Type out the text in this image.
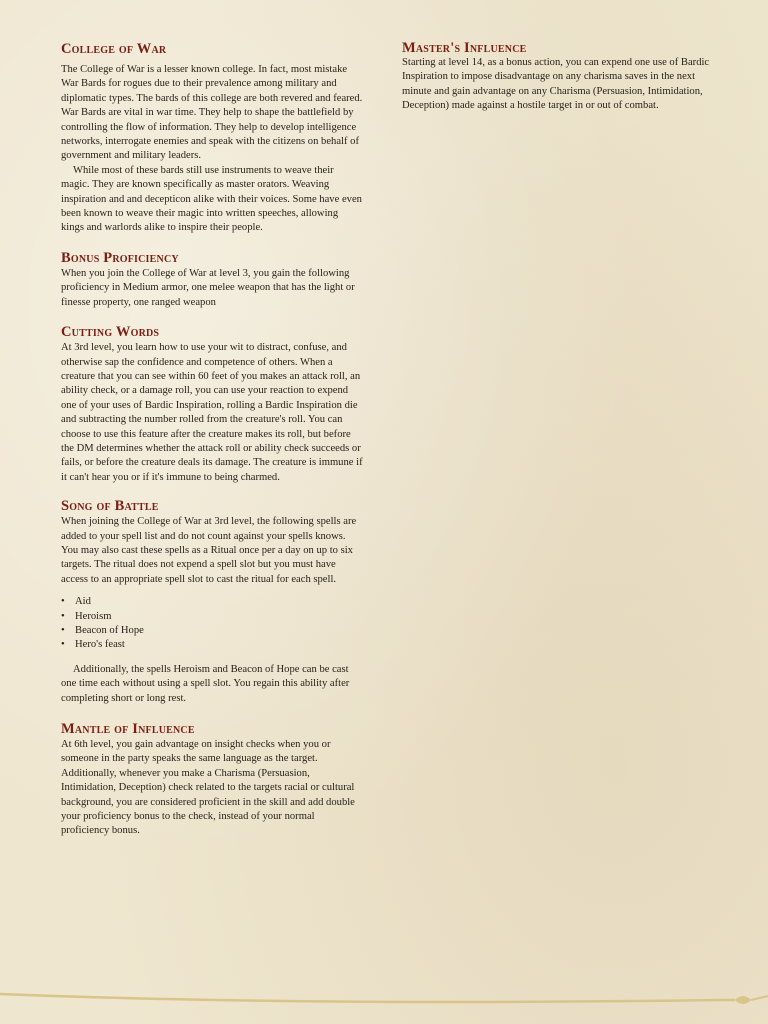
College of War

The College of War is a lesser known college. In fact, most mistake War Bards for rogues due to their prevalence among military and diplomatic types. The bards of this college are both revered and feared. War Bards are vital in war time. They help to shape the battlefield by controlling the flow of information. They help to develop intelligence networks, interrogate enemies and speak with the citizens on behalf of government and military leaders.

While most of these bards still use instruments to weave their magic. They are known specifically as master orators. Weaving inspiration and and decepticon alike with their voices. Some have even been known to weave their magic into written speeches, allowing kings and warlords alike to inspire their people.

Bonus Proficiency

When you join the College of War at level 3, you gain the following proficiency in Medium armor, one melee weapon that has the light or finesse property, one ranged weapon

Cutting Words

At 3rd level, you learn how to use your wit to distract, confuse, and otherwise sap the confidence and competence of others. When a creature that you can see within 60 feet of you makes an attack roll, an ability check, or a damage roll, you can use your reaction to expend one of your uses of Bardic Inspiration, rolling a Bardic Inspiration die and subtracting the number rolled from the creature's roll. You can choose to use this feature after the creature makes its roll, but before the DM determines whether the attack roll or ability check succeeds or fails, or before the creature deals its damage. The creature is immune if it can't hear you or if it's immune to being charmed.

Song of Battle

When joining the College of War at 3rd level, the following spells are added to your spell list and do not count against your spells knows. You may also cast these spells as a Ritual once per a day on up to six targets. The ritual does not expend a spell slot but you must have access to an appropriate spell slot to cast the ritual for each spell.

• Aid
• Heroism
• Beacon of Hope
• Hero's feast

Additionally, the spells Heroism and Beacon of Hope can be cast one time each without using a spell slot. You regain this ability after completing short or long rest.

Mantle of Influence

At 6th level, you gain advantage on insight checks when you or someone in the party speaks the same language as the target. Additionally, whenever you make a Charisma (Persuasion, Intimidation, Deception) check related to the targets racial or cultural background, you are considered proficient in the skill and add double your proficiency bonus to the check, instead of your normal proficiency bonus.

Master's Influence

Starting at level 14, as a bonus action, you can expend one use of Bardic Inspiration to impose disadvantage on any charisma saves in the next minute and gain advantage on any Charisma (Persuasion, Intimidation, Deception) made against a hostile target in or out of combat.
